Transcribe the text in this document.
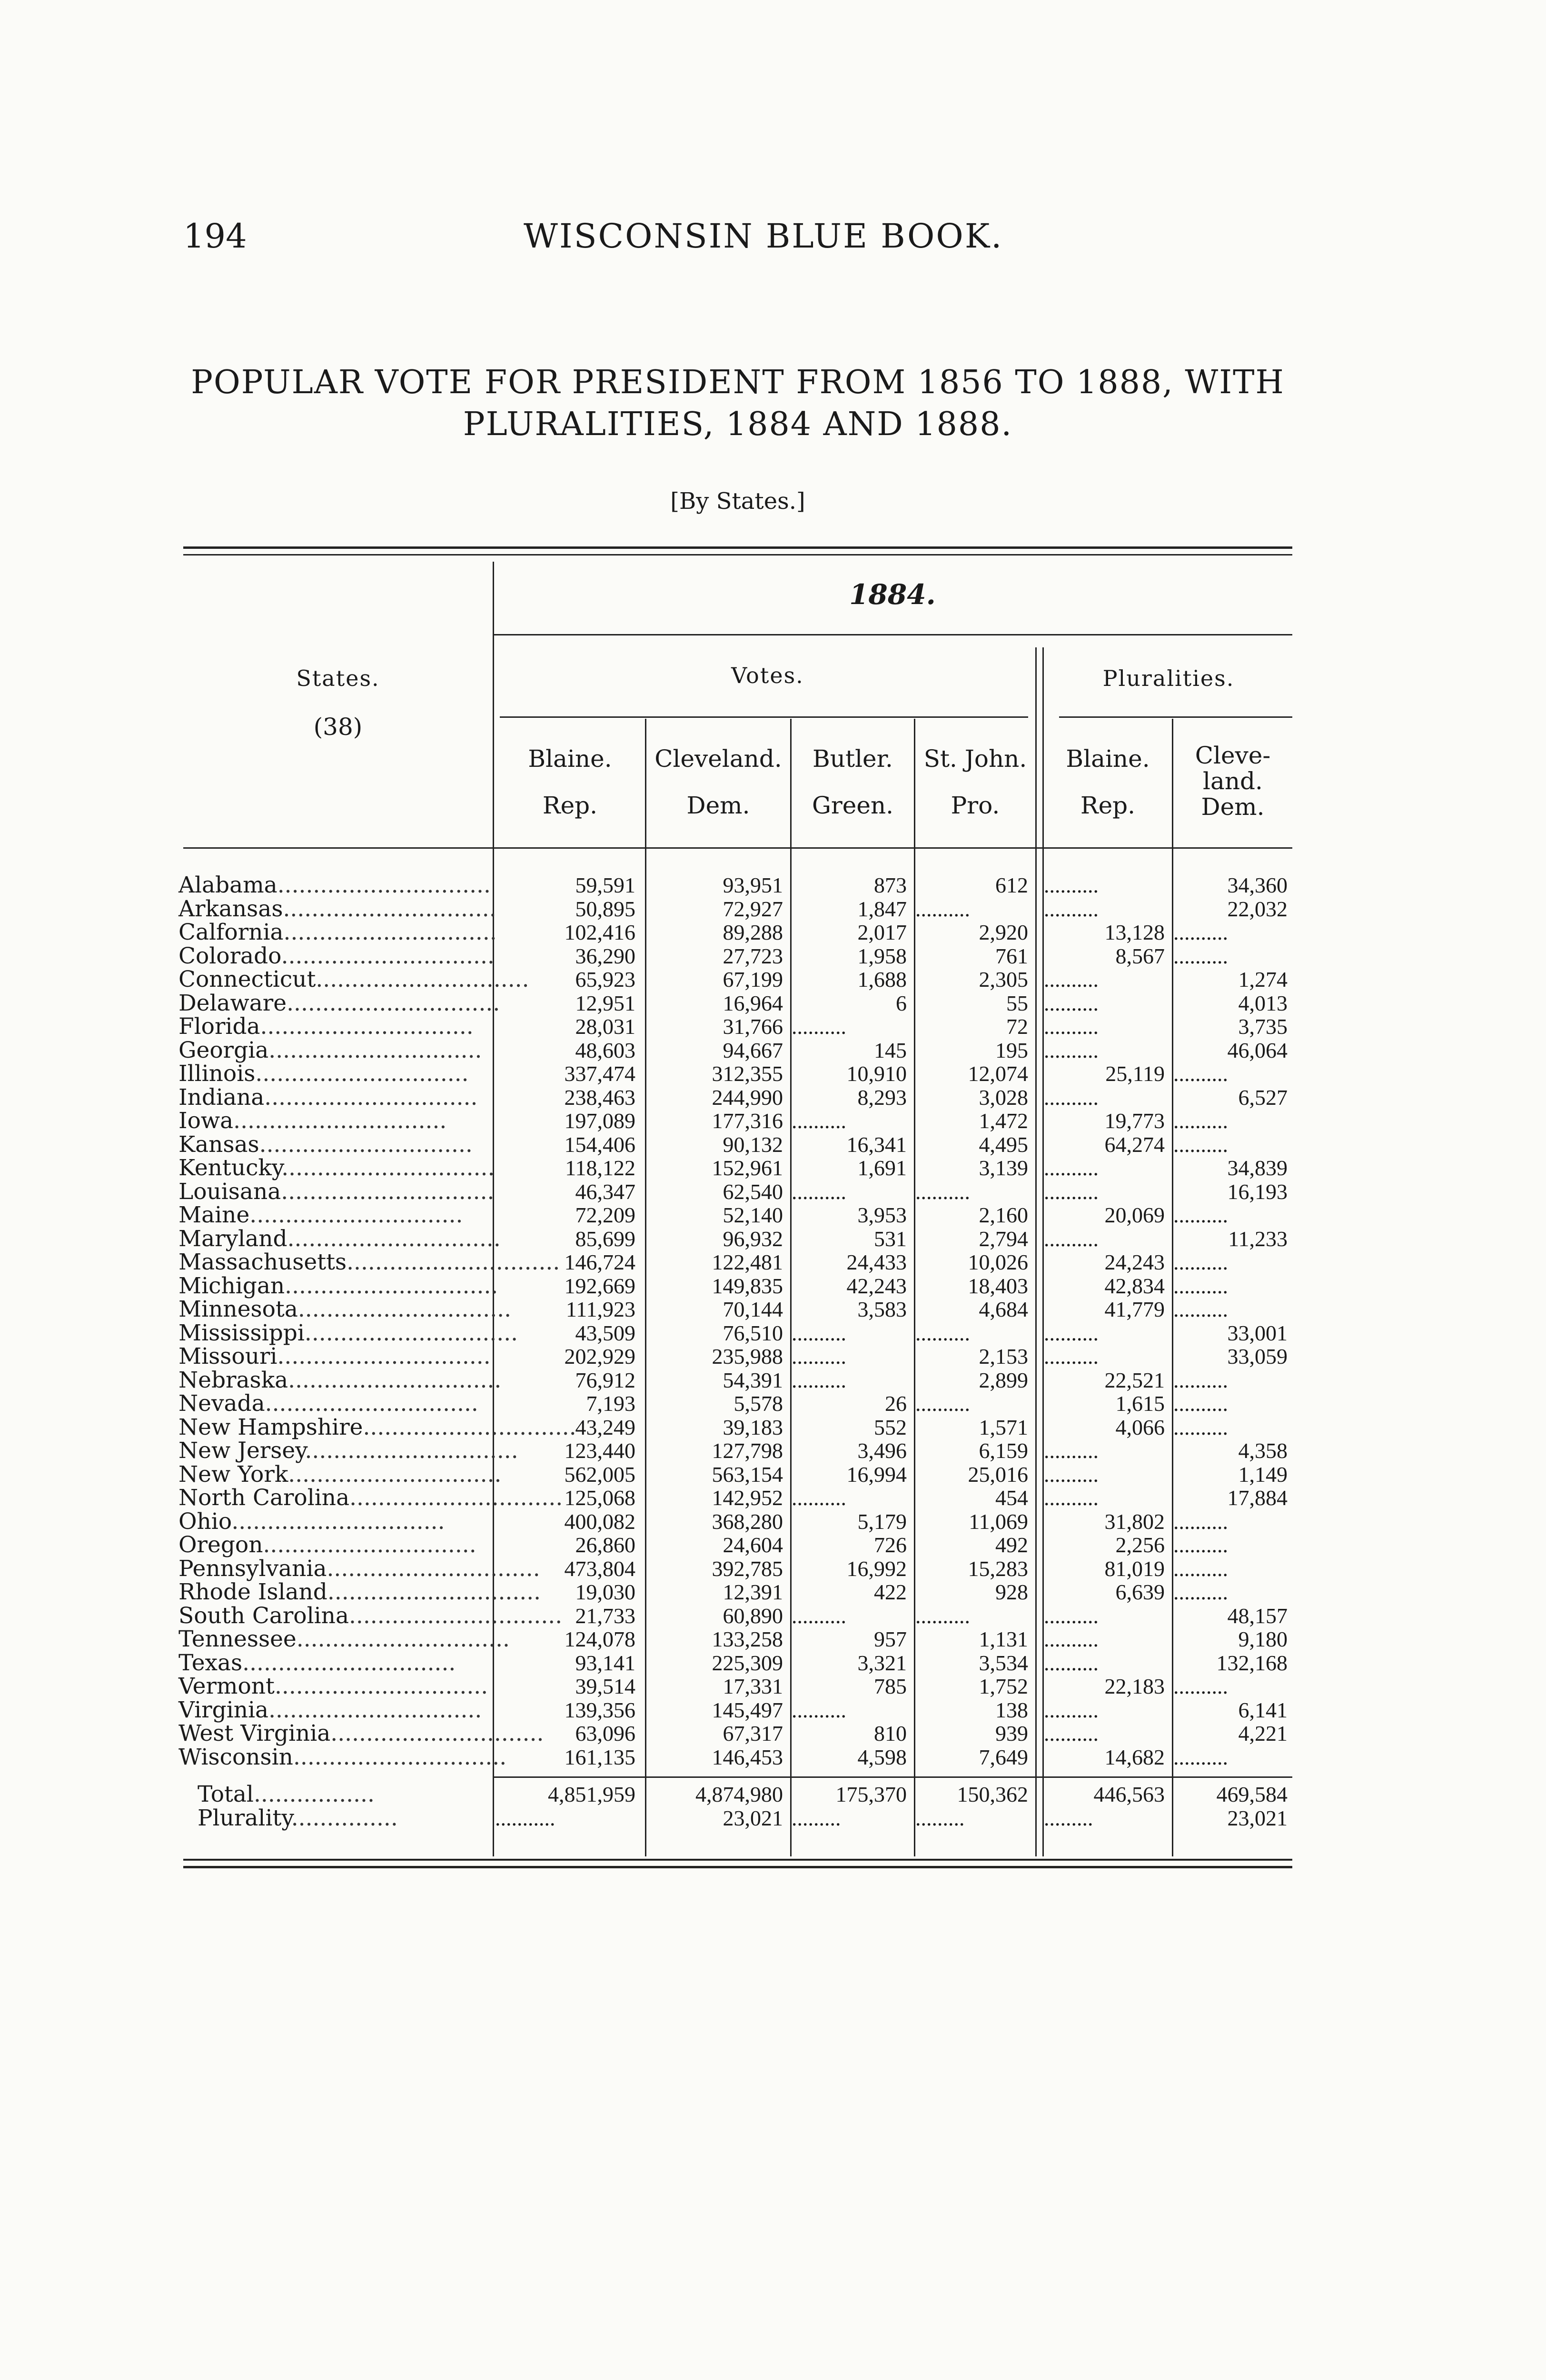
194	WISCONSIN BLUE BOOK.
POPULAR VOTE FOR PRESIDENT FROM 1856 TO 1888, WITH
PLURALITIES, 1884 AND 1888.
[By States.]
1884.
States.
(38)
Votes.	Pluralities.
Blaine.
Rep.
Cleveland.
Dem.
Butler.
Green.
St. John.
Pro.
Blaine.
Rep.
Cleve-
land.
Dem.
Alabama..............................
Arkansas..............................
Calfornia..............................
Colorado..............................
Connecticut..............................
Delaware..............................
Florida..............................
Georgia..............................
Illinois..............................
Indiana..............................
Iowa..............................
Kansas..............................
Kentucky..............................
Louisana..............................
Maine..............................
Maryland..............................
Massachusetts..............................
Michigan..............................
Minnesota..............................
Mississippi..............................
Missouri..............................
Nebraska..............................
Nevada..............................
New Hampshire..............................
New Jersey..............................
New York..............................
North Carolina..............................
Ohio..............................
Oregon..............................
Pennsylvania..............................
Rhode Island..............................
South Carolina..............................
Tennessee..............................
Texas..............................
Vermont..............................
Virginia..............................
West Virginia..............................
Wisconsin..............................
59,591
50,895
102,416
36,290
65,923
12,951
28,031
48,603
337,474
238,463
197,089
154,406
118,122
46,347
72,209
85,699
146,724
192,669
111,923
43,509
202,929
76,912
7,193
43,249
123,440
562,005
125,068
400,082
26,860
473,804
19,030
21,733
124,078
93,141
39,514
139,356
63,096
161,135
93,951
72,927
89,288
27,723
67,199
16,964
31,766
94,667
312,355
244,990
177,316
90,132
152,961
62,540
52,140
96,932
122,481
149,835
70,144
76,510
235,988
54,391
5,578
39,183
127,798
563,154
142,952
368,280
24,604
392,785
12,391
60,890
133,258
225,309
17,331
145,497
67,317
146,453
873
1,847
2,017
1,958
1,688
6
..........
145
10,910
8,293
..........
16,341
1,691
..........
3,953
531
24,433
42,243
3,583
..........
..........
..........
26
552
3,496
16,994
..........
5,179
726
16,992
422
..........
957
3,321
785
..........
810
4,598
612
..........
2,920
761
2,305
55
72
195
12,074
3,028
1,472
4,495
3,139
..........
2,160
2,794
10,026
18,403
4,684
..........
2,153
2,899
..........
1,571
6,159
25,016
454
11,069
492
15,283
928
..........
1,131
3,534
1,752
138
939
7,649
..........
..........
13,128
8,567
..........
..........
..........
..........
25,119
..........
19,773
64,274
..........
..........
20,069
..........
24,243
42,834
41,779
..........
..........
22,521
1,615
4,066
..........
..........
..........
31,802
2,256
81,019
6,639
..........
..........
..........
22,183
..........
..........
14,682
34,360
22,032
..........
..........
1,274
4,013
3,735
46,064
..........
6,527
..........
..........
34,839
16,193
..........
11,233
..........
..........
..........
33,001
33,059
..........
..........
..........
4,358
1,149
17,884
..........
..........
..........
..........
48,157
9,180
132,168
..........
6,141
4,221
..........
Total.................
Plurality...............
4,851,959
...........
4,874,980
23,021
175,370
.........
150,362
.........
446,563
.........
469,584
23,021
